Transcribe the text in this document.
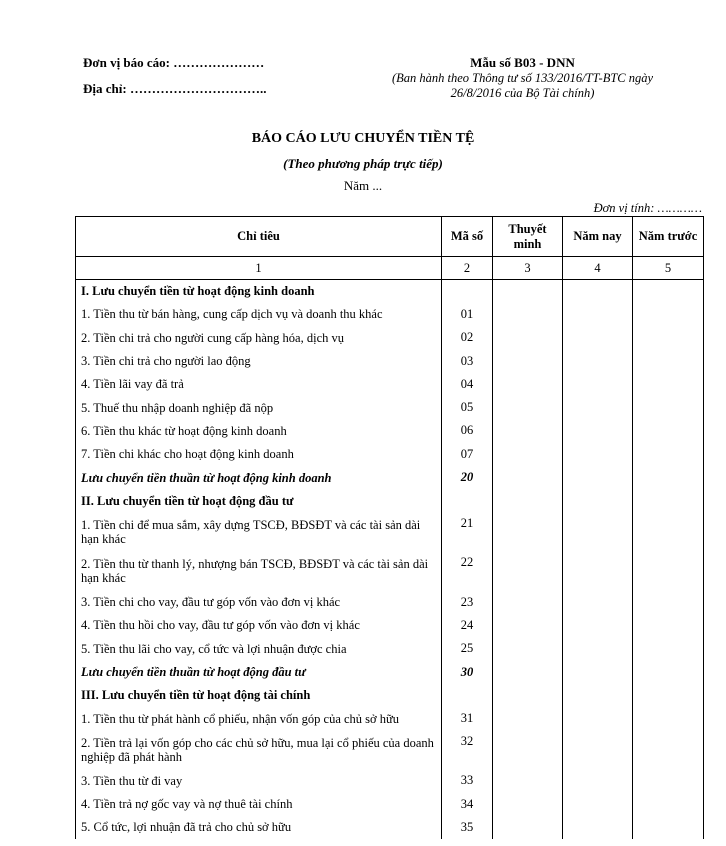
Đơn vị báo cáo: …………………
Địa chỉ: …………………………..
Mẫu số B03 - DNN
(Ban hành theo Thông tư số 133/2016/TT-BTC ngày
26/8/2016 của Bộ Tài chính)
BÁO CÁO LƯU CHUYỂN TIỀN TỆ
(Theo phương pháp trực tiếp)
Năm ...
Đơn vị tính: …………
Chỉ tiêu	Mã số	Thuyết minh	Năm nay	Năm trước
1	2	3	4	5
I. Lưu chuyển tiền từ hoạt động kinh doanh				
1. Tiền thu từ bán hàng, cung cấp dịch vụ và doanh thu khác	01			
2. Tiền chi trả cho người cung cấp hàng hóa, dịch vụ	02			
3. Tiền chi trả cho người lao động	03			
4. Tiền lãi vay đã trả	04			
5. Thuế thu nhập doanh nghiệp đã nộp	05			
6. Tiền thu khác từ hoạt động kinh doanh	06			
7. Tiền chi khác cho hoạt động kinh doanh	07			
Lưu chuyển tiền thuần từ hoạt động kinh doanh	20			
II. Lưu chuyển tiền từ hoạt động đầu tư				
1. Tiền chi để mua sắm, xây dựng TSCĐ, BĐSĐT và các tài sản dài hạn khác	21			
2. Tiền thu từ thanh lý, nhượng bán TSCĐ, BĐSĐT và các tài sản dài hạn khác	22			
3. Tiền chi cho vay, đầu tư góp vốn vào đơn vị khác	23			
4. Tiền thu hồi cho vay, đầu tư góp vốn vào đơn vị khác	24			
5. Tiền thu lãi cho vay, cổ tức và lợi nhuận được chia	25			
Lưu chuyển tiền thuần từ hoạt động đầu tư	30			
III. Lưu chuyển tiền từ hoạt động tài chính				
1. Tiền thu từ phát hành cổ phiếu, nhận vốn góp của chủ sở hữu	31			
2. Tiền trả lại vốn góp cho các chủ sở hữu, mua lại cổ phiếu của doanh nghiệp đã phát hành	32			
3. Tiền thu từ đi vay	33			
4. Tiền trả nợ gốc vay và nợ thuê tài chính	34			
5. Cổ tức, lợi nhuận đã trả cho chủ sở hữu	35			
